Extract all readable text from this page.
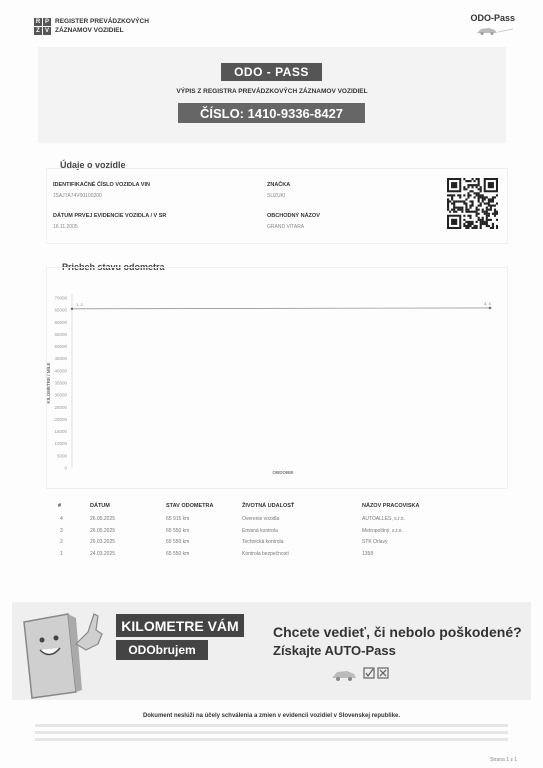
R P
Z V
REGISTER PREVÁDZKOVÝCH
ZÁZNAMOV VOZIDIEL
ODO-Pass
ODO - PASS
VÝPIS Z REGISTRA PREVÁDZKOVÝCH ZÁZNAMOV VOZIDIEL
ČÍSLO: 1410-9336-8427
Údaje o vozidle
IDENTIFIKAČNÉ ČÍSLO VOZIDLA VIN
JSAJTA74V00100200
ZNAČKA
SUZUKI
DÁTUM PRVEJ EVIDENCIE VOZIDLA / V SR
16.11.2005
OBCHODNÝ NÁZOV
GRAND VITARA
Priebeh stavu odometra
0
5000
10000
15000
20000
25000
30000
35000
40000
45000
50000
55000
60000
65000
70000
KILOMETRE / MÍLE
OBDOBIE
1, 2	3, 4
#	DÁTUM	STAV ODOMETRA	ŽIVOTNÁ UDALOSŤ	NÁZOV PRACOVISKA
4	26.05.2025	65 915 km	Overenie vozidla	AUTOALLES, s.r.o.
3	26.05.2025	65 550 km	Emisná kontrola	Metropolitný, s.r.o.
2	26.03.2025	65 550 km	Technická kontrola	STK Orlavy
1	24.03.2025	65 550 km	Kontrola bezpečnosti	1358
KILOMETRE VÁM
ODObrujem
Chcete vedieť, či nebolo poškodené?
Získajte AUTO-Pass
Dokument neslúži na účely schválenia a zmien v evidencii vozidiel v Slovenskej republike.
Strana 1 z 1
